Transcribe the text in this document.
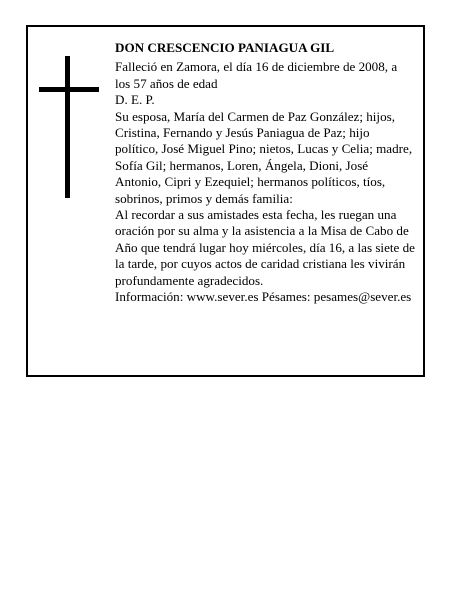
DON CRESCENCIO PANIAGUA GIL

Falleció en Zamora, el día 16 de diciembre de 2008, a los 57 años de edad

D. E. P.

Su esposa, María del Carmen de Paz González; hijos, Cristina, Fernando y Jesús Paniagua de Paz; hijo político, José Miguel Pino; nietos, Lucas y Celia; madre, Sofía Gil; hermanos, Loren, Ángela, Dioni, José Antonio, Cipri y Ezequiel; hermanos políticos, tíos, sobrinos, primos y demás familia:

Al recordar a sus amistades esta fecha, les ruegan una oración por su alma y la asistencia a la Misa de Cabo de Año que tendrá lugar hoy miércoles, día 16, a las siete de la tarde, por cuyos actos de caridad cristiana les vivirán profundamente agradecidos.

Información: www.sever.es Pésames: pesames@sever.es
